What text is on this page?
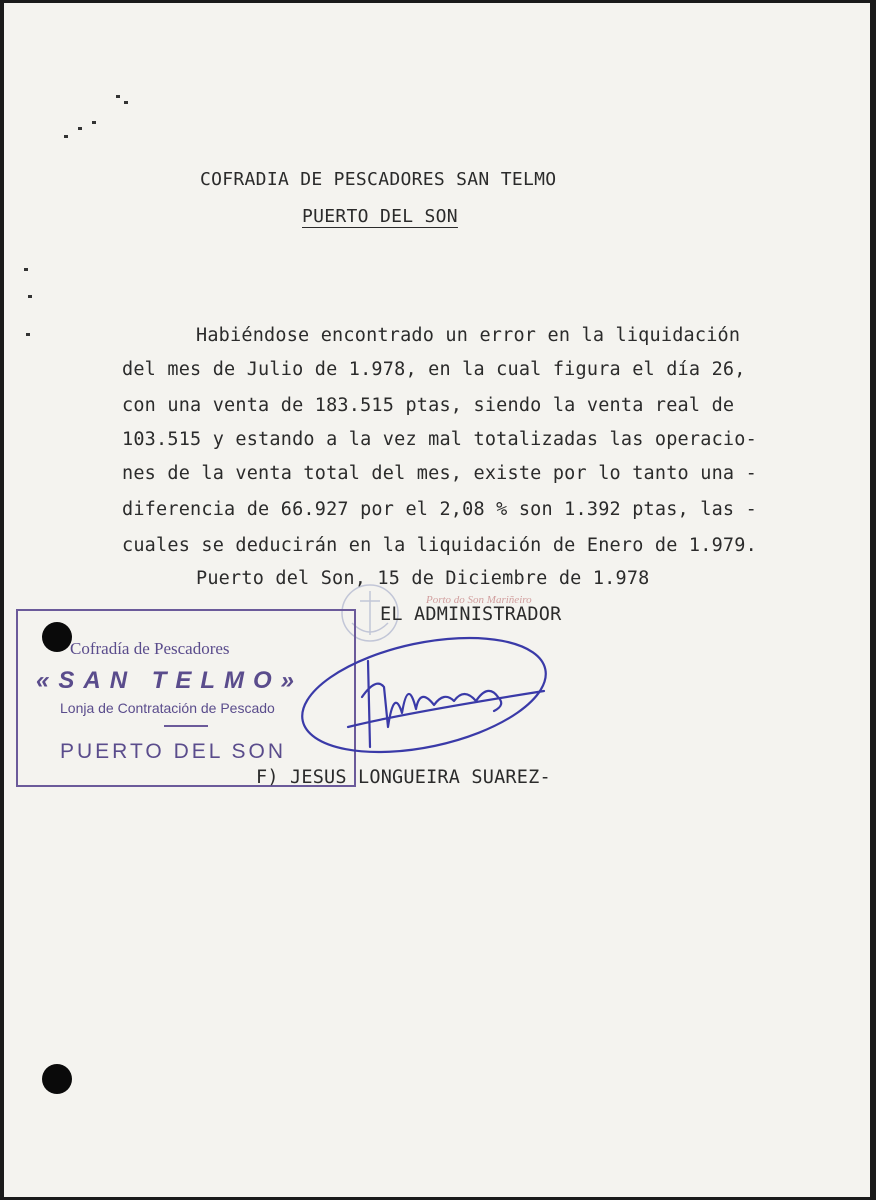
COFRADIA DE PESCADORES SAN TELMO
PUERTO DEL SON
Habiéndose encontrado un error en la liquidación
del mes de Julio de 1.978, en la cual figura el día 26,
con una venta de 183.515 ptas, siendo la venta real de
103.515 y estando a la vez mal totalizadas las operacio-
nes de la venta total del mes, existe por lo tanto una -
diferencia de 66.927 por el 2,08 % son 1.392 ptas, las -
cuales se deducirán en la liquidación de Enero de 1.979.
Puerto del Son, 15 de Diciembre de 1.978
Porto do Son Mariñeiro
EL ADMINISTRADOR
Cofradía de Pescadores
«SAN TELMO»
Lonja de Contratación de Pescado
PUERTO DEL SON
F) JESUS LONGUEIRA SUAREZ-
